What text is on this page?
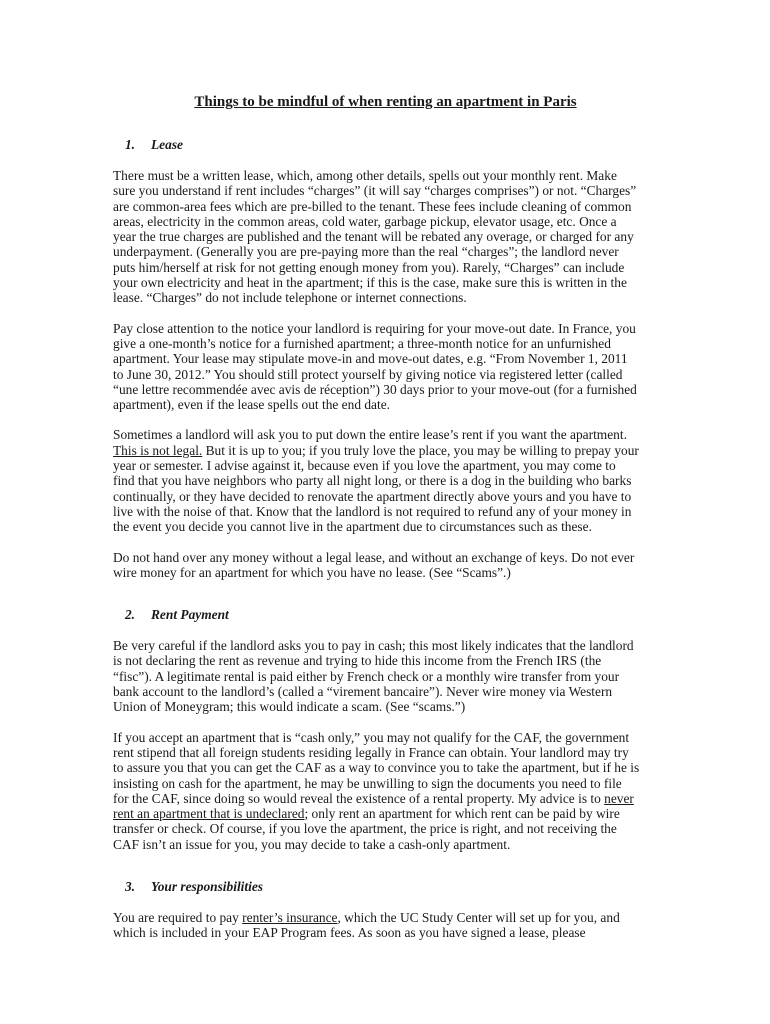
Things to be mindful of when renting an apartment in Paris
1. Lease
There must be a written lease, which, among other details, spells out your monthly rent. Make
sure you understand if rent includes “charges” (it will say “charges comprises”) or not. “Charges”
are common-area fees which are pre-billed to the tenant. These fees include cleaning of common
areas, electricity in the common areas, cold water, garbage pickup, elevator usage, etc. Once a
year the true charges are published and the tenant will be rebated any overage, or charged for any
underpayment. (Generally you are pre-paying more than the real “charges”; the landlord never
puts him/herself at risk for not getting enough money from you). Rarely, “Charges” can include
your own electricity and heat in the apartment; if this is the case, make sure this is written in the
lease. “Charges” do not include telephone or internet connections.
Pay close attention to the notice your landlord is requiring for your move-out date. In France, you
give a one-month’s notice for a furnished apartment; a three-month notice for an unfurnished
apartment. Your lease may stipulate move-in and move-out dates, e.g. “From November 1, 2011
to June 30, 2012.” You should still protect yourself by giving notice via registered letter (called
“une lettre recommendée avec avis de réception”) 30 days prior to your move-out (for a furnished
apartment), even if the lease spells out the end date.
Sometimes a landlord will ask you to put down the entire lease’s rent if you want the apartment.
This is not legal. But it is up to you; if you truly love the place, you may be willing to prepay your
year or semester. I advise against it, because even if you love the apartment, you may come to
find that you have neighbors who party all night long, or there is a dog in the building who barks
continually, or they have decided to renovate the apartment directly above yours and you have to
live with the noise of that. Know that the landlord is not required to refund any of your money in
the event you decide you cannot live in the apartment due to circumstances such as these.
Do not hand over any money without a legal lease, and without an exchange of keys. Do not ever
wire money for an apartment for which you have no lease. (See “Scams”.)
2. Rent Payment
Be very careful if the landlord asks you to pay in cash; this most likely indicates that the landlord
is not declaring the rent as revenue and trying to hide this income from the French IRS (the
“fisc”). A legitimate rental is paid either by French check or a monthly wire transfer from your
bank account to the landlord’s (called a “virement bancaire”). Never wire money via Western
Union of Moneygram; this would indicate a scam. (See “scams.”)
If you accept an apartment that is “cash only,” you may not qualify for the CAF, the government
rent stipend that all foreign students residing legally in France can obtain. Your landlord may try
to assure you that you can get the CAF as a way to convince you to take the apartment, but if he is
insisting on cash for the apartment, he may be unwilling to sign the documents you need to file
for the CAF, since doing so would reveal the existence of a rental property. My advice is to never
rent an apartment that is undeclared; only rent an apartment for which rent can be paid by wire
transfer or check. Of course, if you love the apartment, the price is right, and not receiving the
CAF isn’t an issue for you, you may decide to take a cash-only apartment.
3. Your responsibilities
You are required to pay renter’s insurance, which the UC Study Center will set up for you, and
which is included in your EAP Program fees. As soon as you have signed a lease, please
